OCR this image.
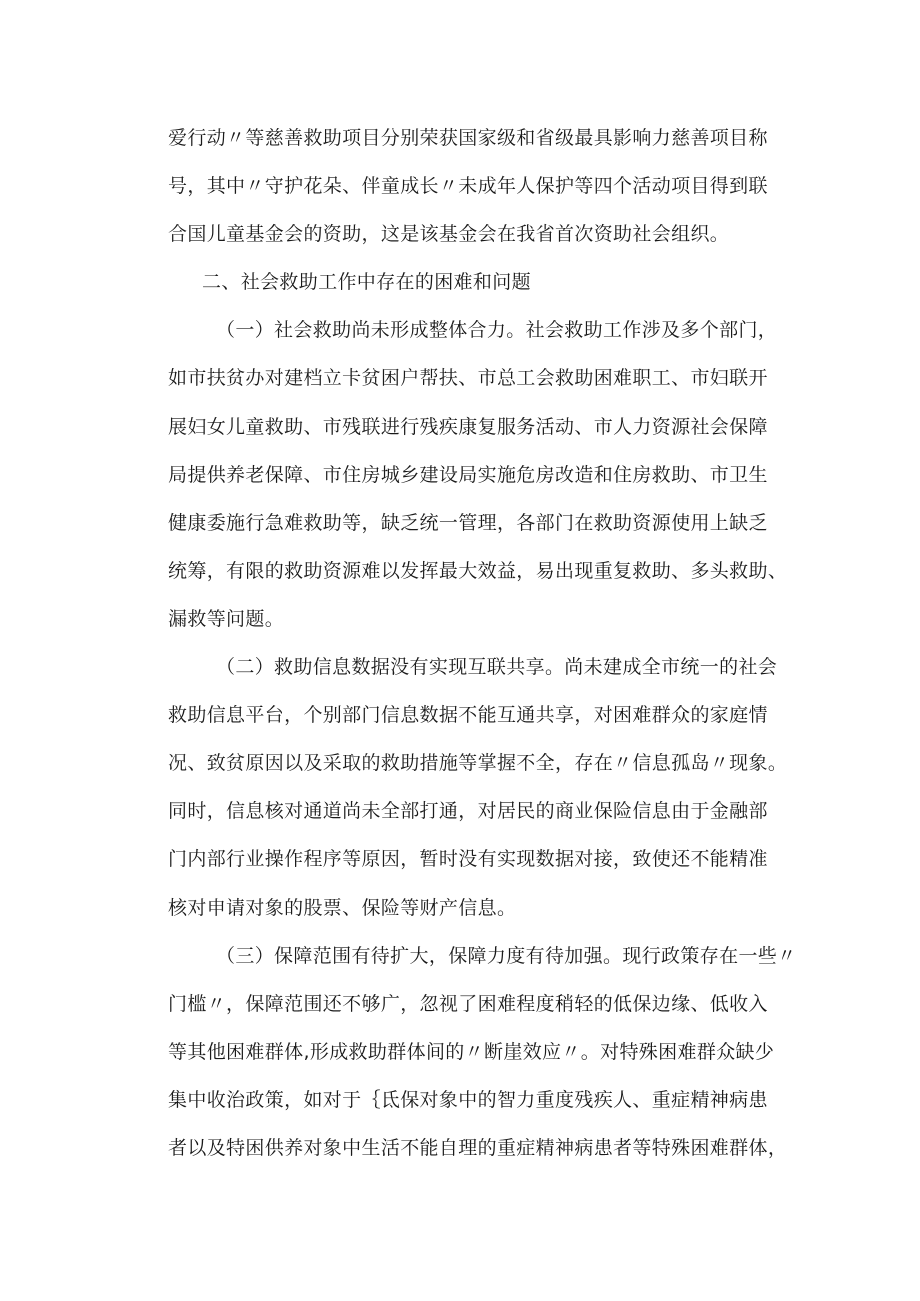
爱行动〃等慈善救助项目分别荣获国家级和省级最具影响力慈善项目称
号，其中〃守护花朵、伴童成长〃未成年人保护等四个活动项目得到联
合国儿童基金会的资助，这是该基金会在我省首次资助社会组织。
二、社会救助工作中存在的困难和问题
（一）社会救助尚未形成整体合力。社会救助工作涉及多个部门，
如市扶贫办对建档立卡贫困户帮扶、市总工会救助困难职工、市妇联开
展妇女儿童救助、市残联进行残疾康复服务活动、市人力资源社会保障
局提供养老保障、市住房城乡建设局实施危房改造和住房救助、市卫生
健康委施行急难救助等，缺乏统一管理，各部门在救助资源使用上缺乏
统筹，有限的救助资源难以发挥最大效益，易出现重复救助、多头救助、
漏救等问题。
（二）救助信息数据没有实现互联共享。尚未建成全市统一的社会
救助信息平台，个别部门信息数据不能互通共享，对困难群众的家庭情
况、致贫原因以及采取的救助措施等掌握不全，存在〃信息孤岛〃现象。
同时，信息核对通道尚未全部打通，对居民的商业保险信息由于金融部
门内部行业操作程序等原因，暂时没有实现数据对接，致使还不能精准
核对申请对象的股票、保险等财产信息。
（三）保障范围有待扩大，保障力度有待加强。现行政策存在一些〃
门槛〃，保障范围还不够广，忽视了困难程度稍轻的低保边缘、低收入
等其他困难群体,形成救助群体间的〃断崖效应〃。对特殊困难群众缺少
集中收治政策，如对于｛氐保对象中的智力重度残疾人、重症精神病患
者以及特困供养对象中生活不能自理的重症精神病患者等特殊困难群体，
